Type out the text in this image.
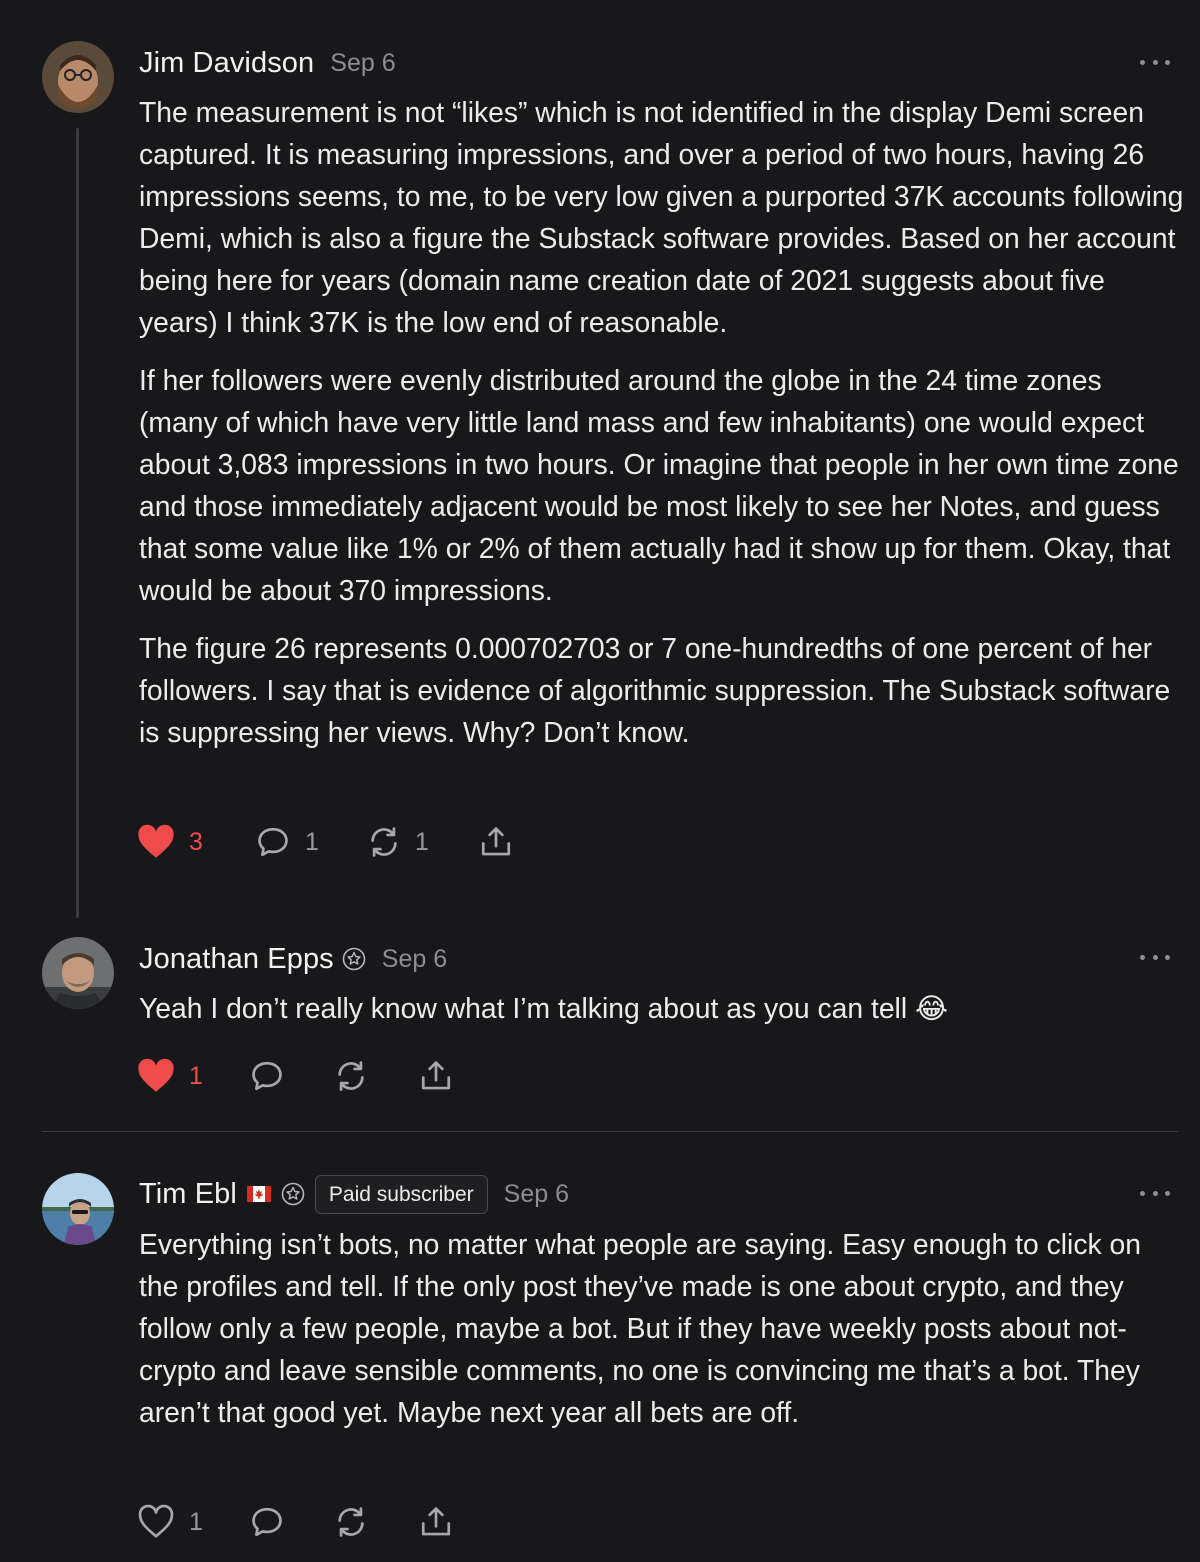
Jim Davidson Sep 6

The measurement is not “likes” which is not identified in the display Demi screen captured. It is measuring impressions, and over a period of two hours, having 26 impressions seems, to me, to be very low given a purported 37K accounts following Demi, which is also a figure the Substack software provides. Based on her account being here for years (domain name creation date of 2021 suggests about five years) I think 37K is the low end of reasonable.

If her followers were evenly distributed around the globe in the 24 time zones (many of which have very little land mass and few inhabitants) one would expect about 3,083 impressions in two hours. Or imagine that people in her own time zone and those immediately adjacent would be most likely to see her Notes, and guess that some value like 1% or 2% of them actually had it show up for them. Okay, that would be about 370 impressions.

The figure 26 represents 0.000702703 or 7 one-hundredths of one percent of her followers. I say that is evidence of algorithmic suppression. The Substack software is suppressing her views. Why? Don’t know.

3	1	1
Jonathan Epps Sep 6

Yeah I don’t really know what I’m talking about as you can tell 😂

1
Tim Ebl	Paid subscriber	Sep 6

Everything isn’t bots, no matter what people are saying. Easy enough to click on the profiles and tell. If the only post they’ve made is one about crypto, and they follow only a few people, maybe a bot. But if they have weekly posts about not-crypto and leave sensible comments, no one is convincing me that’s a bot. They aren’t that good yet. Maybe next year all bets are off.

1
